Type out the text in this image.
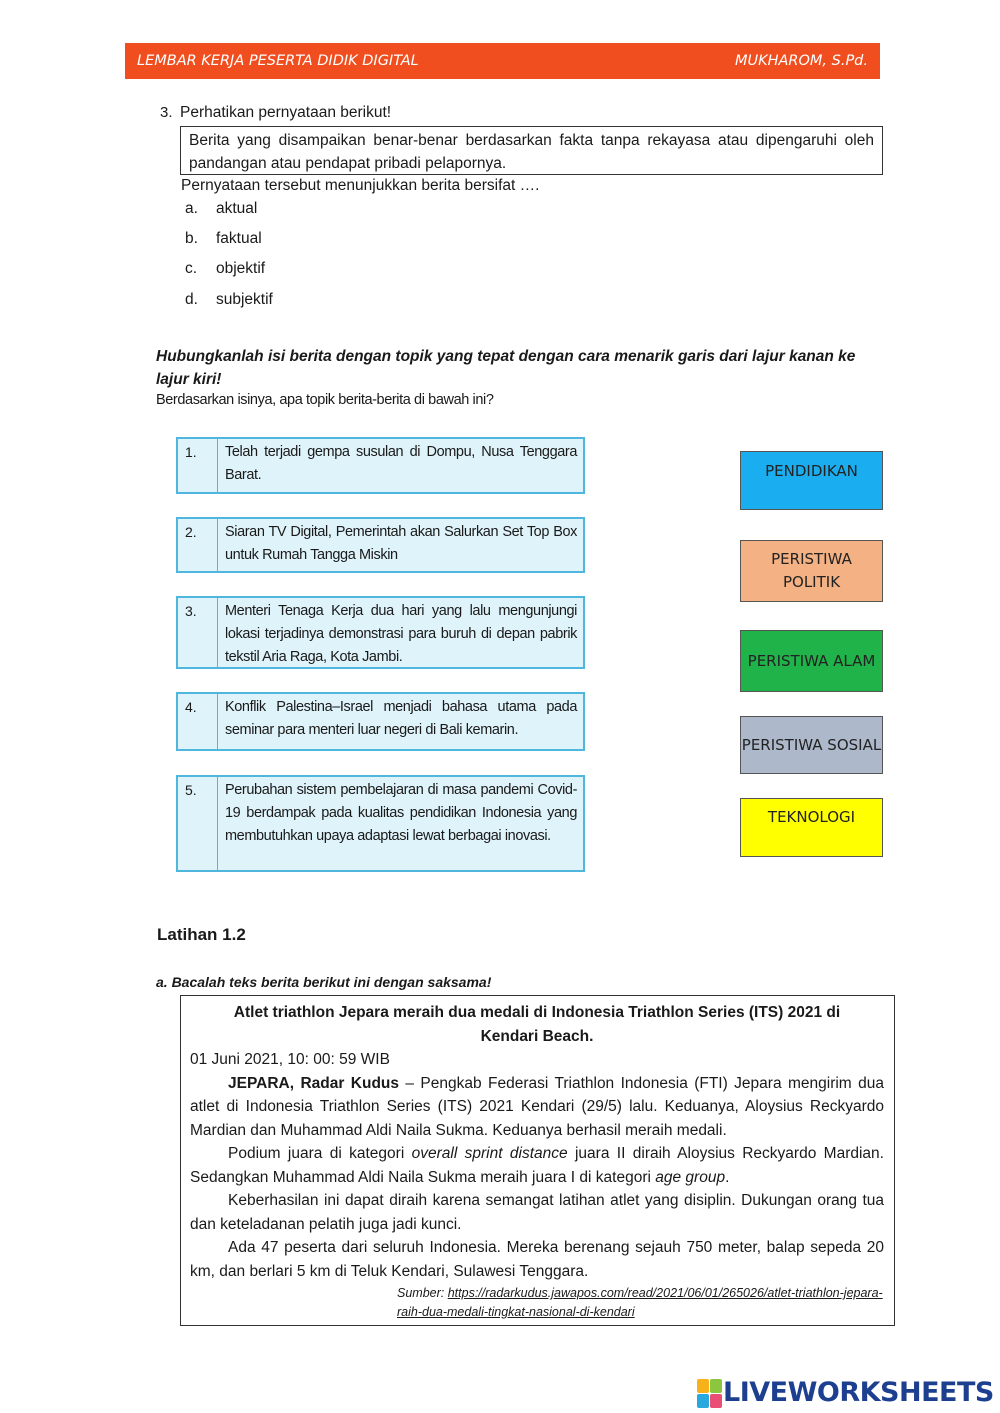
LEMBAR KERJA PESERTA DIDIK DIGITAL	MUKHAROM, S.Pd.
3. Perhatikan pernyataan berikut!
Berita yang disampaikan benar-benar berdasarkan fakta tanpa rekayasa atau dipengaruhi oleh pandangan atau pendapat pribadi pelapornya.
Pernyataan tersebut menunjukkan berita bersifat ….
a.	aktual
b.	faktual
c.	objektif
d.	subjektif
Hubungkanlah isi berita dengan topik yang tepat dengan cara menarik garis dari lajur kanan ke lajur kiri!
Berdasarkan isinya, apa topik berita-berita di bawah ini?
1.	Telah terjadi gempa susulan di Dompu, Nusa Tenggara Barat.
2.	Siaran TV Digital, Pemerintah akan Salurkan Set Top Box untuk Rumah Tangga Miskin
3.	Menteri Tenaga Kerja dua hari yang lalu mengunjungi lokasi terjadinya demonstrasi para buruh di depan pabrik tekstil Aria Raga, Kota Jambi.
4.	Konflik Palestina–Israel menjadi bahasa utama pada seminar para menteri luar negeri di Bali kemarin.
5.	Perubahan sistem pembelajaran di masa pandemi Covid-19 berdampak pada kualitas pendidikan Indonesia yang membutuhkan upaya adaptasi lewat berbagai inovasi.
PENDIDIKAN
PERISTIWA POLITIK
PERISTIWA ALAM
PERISTIWA SOSIAL
TEKNOLOGI
Latihan 1.2
a. Bacalah teks berita berikut ini dengan saksama!
Atlet triathlon Jepara meraih dua medali di Indonesia Triathlon Series (ITS) 2021 di Kendari Beach.

01 Juni 2021, 10: 00: 59 WIB

JEPARA, Radar Kudus – Pengkab Federasi Triathlon Indonesia (FTI) Jepara mengirim dua atlet di Indonesia Triathlon Series (ITS) 2021 Kendari (29/5) lalu. Keduanya, Aloysius Reckyardo Mardian dan Muhammad Aldi Naila Sukma. Keduanya berhasil meraih medali.

Podium juara di kategori overall sprint distance juara II diraih Aloysius Reckyardo Mardian. Sedangkan Muhammad Aldi Naila Sukma meraih juara I di kategori age group.

Keberhasilan ini dapat diraih karena semangat latihan atlet yang disiplin. Dukungan orang tua dan keteladanan pelatih juga jadi kunci.

Ada 47 peserta dari seluruh Indonesia. Mereka berenang sejauh 750 meter, balap sepeda 20 km, dan berlari 5 km di Teluk Kendari, Sulawesi Tenggara.

Sumber: https://radarkudus.jawapos.com/read/2021/06/01/265026/atlet-triathlon-jepara-raih-dua-medali-tingkat-nasional-di-kendari
LIVEWORKSHEETS
